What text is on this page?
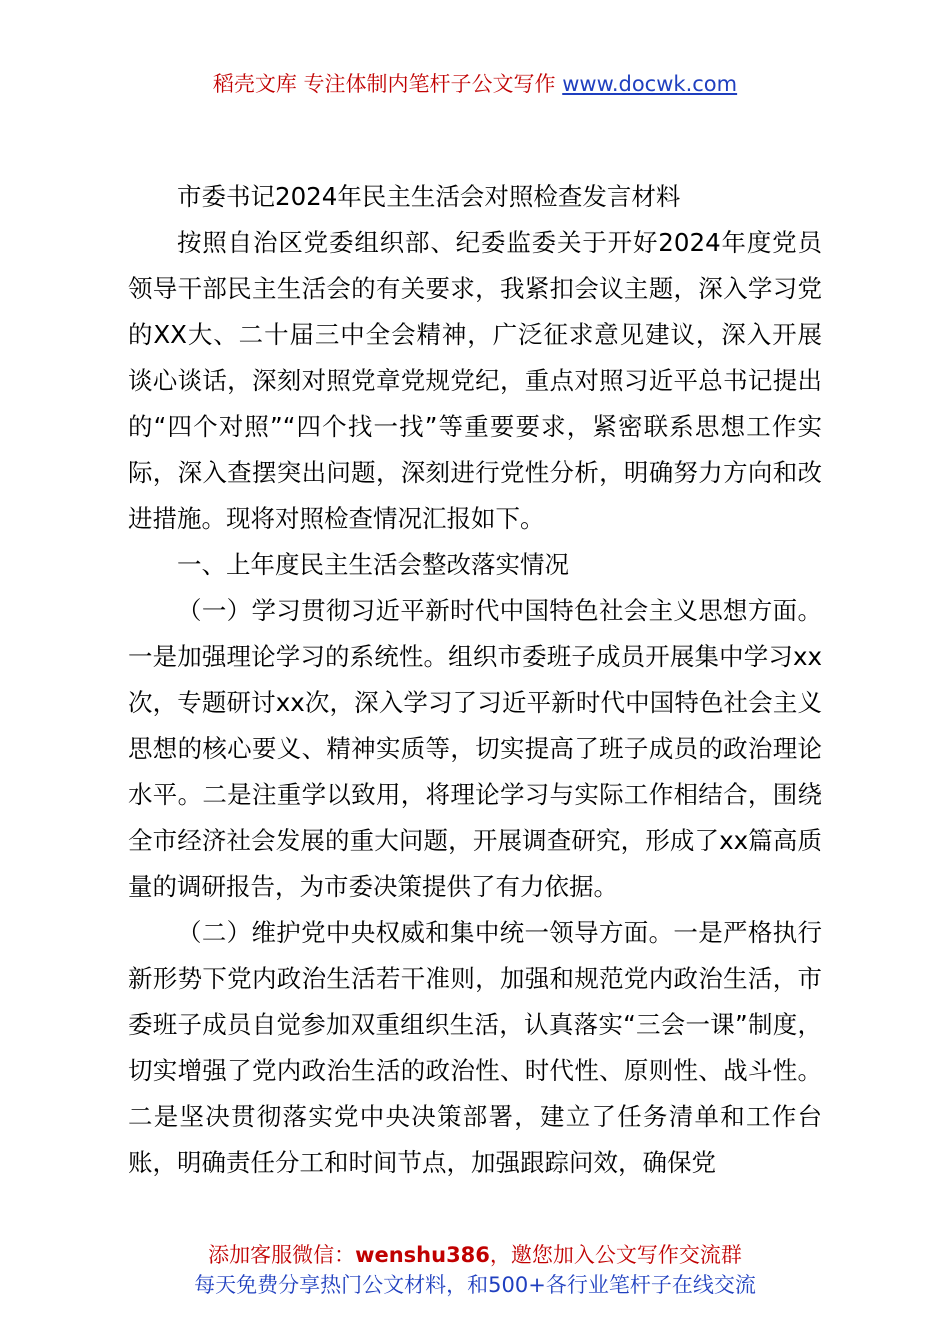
稻壳文库 专注体制内笔杆子公文写作 www.docwk.com

市委书记2024年民主生活会对照检查发言材料

按照自治区党委组织部、纪委监委关于开好2024年度党员领导干部民主生活会的有关要求，我紧扣会议主题，深入学习党的XX大、二十届三中全会精神，广泛征求意见建议，深入开展谈心谈话，深刻对照党章党规党纪，重点对照习近平总书记提出的“四个对照”“四个找一找”等重要要求，紧密联系思想工作实际，深入查摆突出问题，深刻进行党性分析，明确努力方向和改进措施。现将对照检查情况汇报如下。

一、上年度民主生活会整改落实情况

（一）学习贯彻习近平新时代中国特色社会主义思想方面。一是加强理论学习的系统性。组织市委班子成员开展集中学习xx次，专题研讨xx次，深入学习了习近平新时代中国特色社会主义思想的核心要义、精神实质等，切实提高了班子成员的政治理论水平。二是注重学以致用，将理论学习与实际工作相结合，围绕全市经济社会发展的重大问题，开展调查研究，形成了xx篇高质量的调研报告，为市委决策提供了有力依据。

（二）维护党中央权威和集中统一领导方面。一是严格执行新形势下党内政治生活若干准则，加强和规范党内政治生活，市委班子成员自觉参加双重组织生活，认真落实“三会一课”制度，切实增强了党内政治生活的政治性、时代性、原则性、战斗性。二是坚决贯彻落实党中央决策部署，建立了任务清单和工作台账，明确责任分工和时间节点，加强跟踪问效，确保党

添加客服微信：wenshu386，邀您加入公文写作交流群
每天免费分享热门公文材料，和500+各行业笔杆子在线交流
